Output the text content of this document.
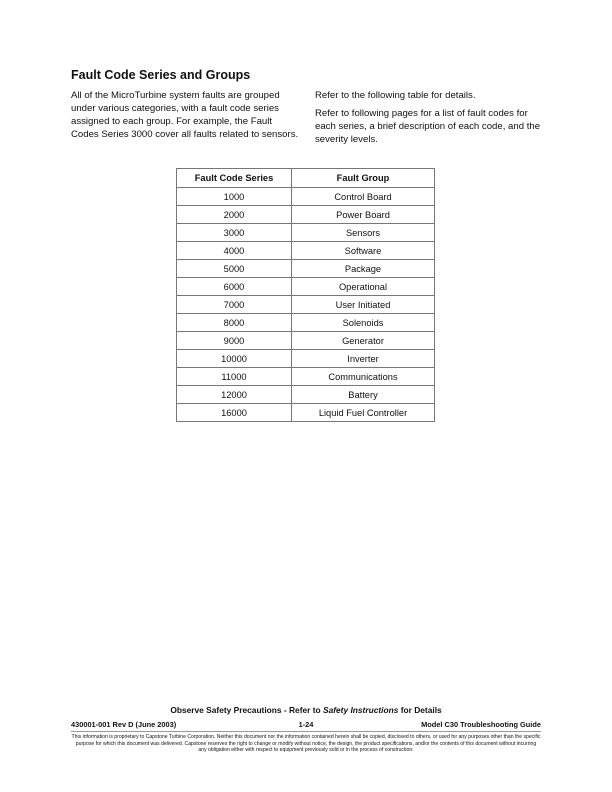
Fault Code Series and Groups

All of the MicroTurbine system faults are grouped under various categories, with a fault code series assigned to each group. For example, the Fault Codes Series 3000 cover all faults related to sensors.

Refer to the following table for details.

Refer to following pages for a list of fault codes for each series, a brief description of each code, and the severity levels.

Fault Code Series	Fault Group
1000	Control Board
2000	Power Board
3000	Sensors
4000	Software
5000	Package
6000	Operational
7000	User Initiated
8000	Solenoids
9000	Generator
10000	Inverter
11000	Communications
12000	Battery
16000	Liquid Fuel Controller
Observe Safety Precautions - Refer to Safety Instructions for Details
430001-001 Rev D (June 2003)	1-24	Model C30 Troubleshooting Guide

This information is proprietary to Capstone Turbine Corporation. Neither this document nor the information contained herein shall be copied, disclosed to others, or used for any purposes other than the specific purpose for which this document was delivered. Capstone reserves the right to change or modify without notice, the design, the product specifications, and/or the contents of this document without incurring any obligation either with respect to equipment previously sold or in the process of construction.
